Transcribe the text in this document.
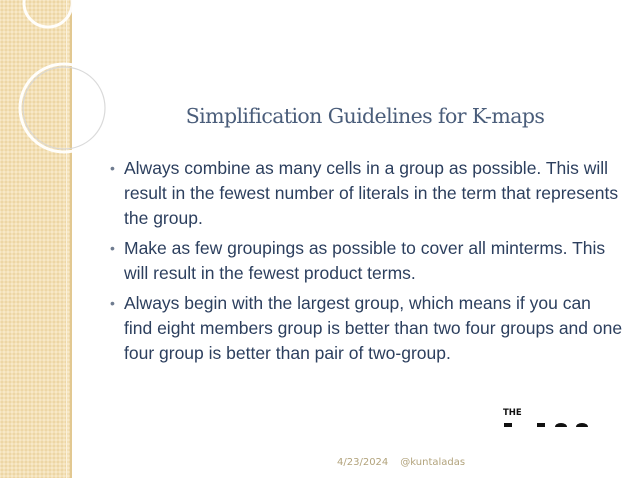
Simplification Guidelines for K-maps
• Always combine as many cells in a group as possible. This will result in the fewest number of literals in the term that represents the group.
• Make as few groupings as possible to cover all minterms. This will result in the fewest product terms.
• Always begin with the largest group, which means if you can find eight members group is better than two four groups and one four group is better than pair of two-group.
THE
4/23/2024 @kuntaladas
